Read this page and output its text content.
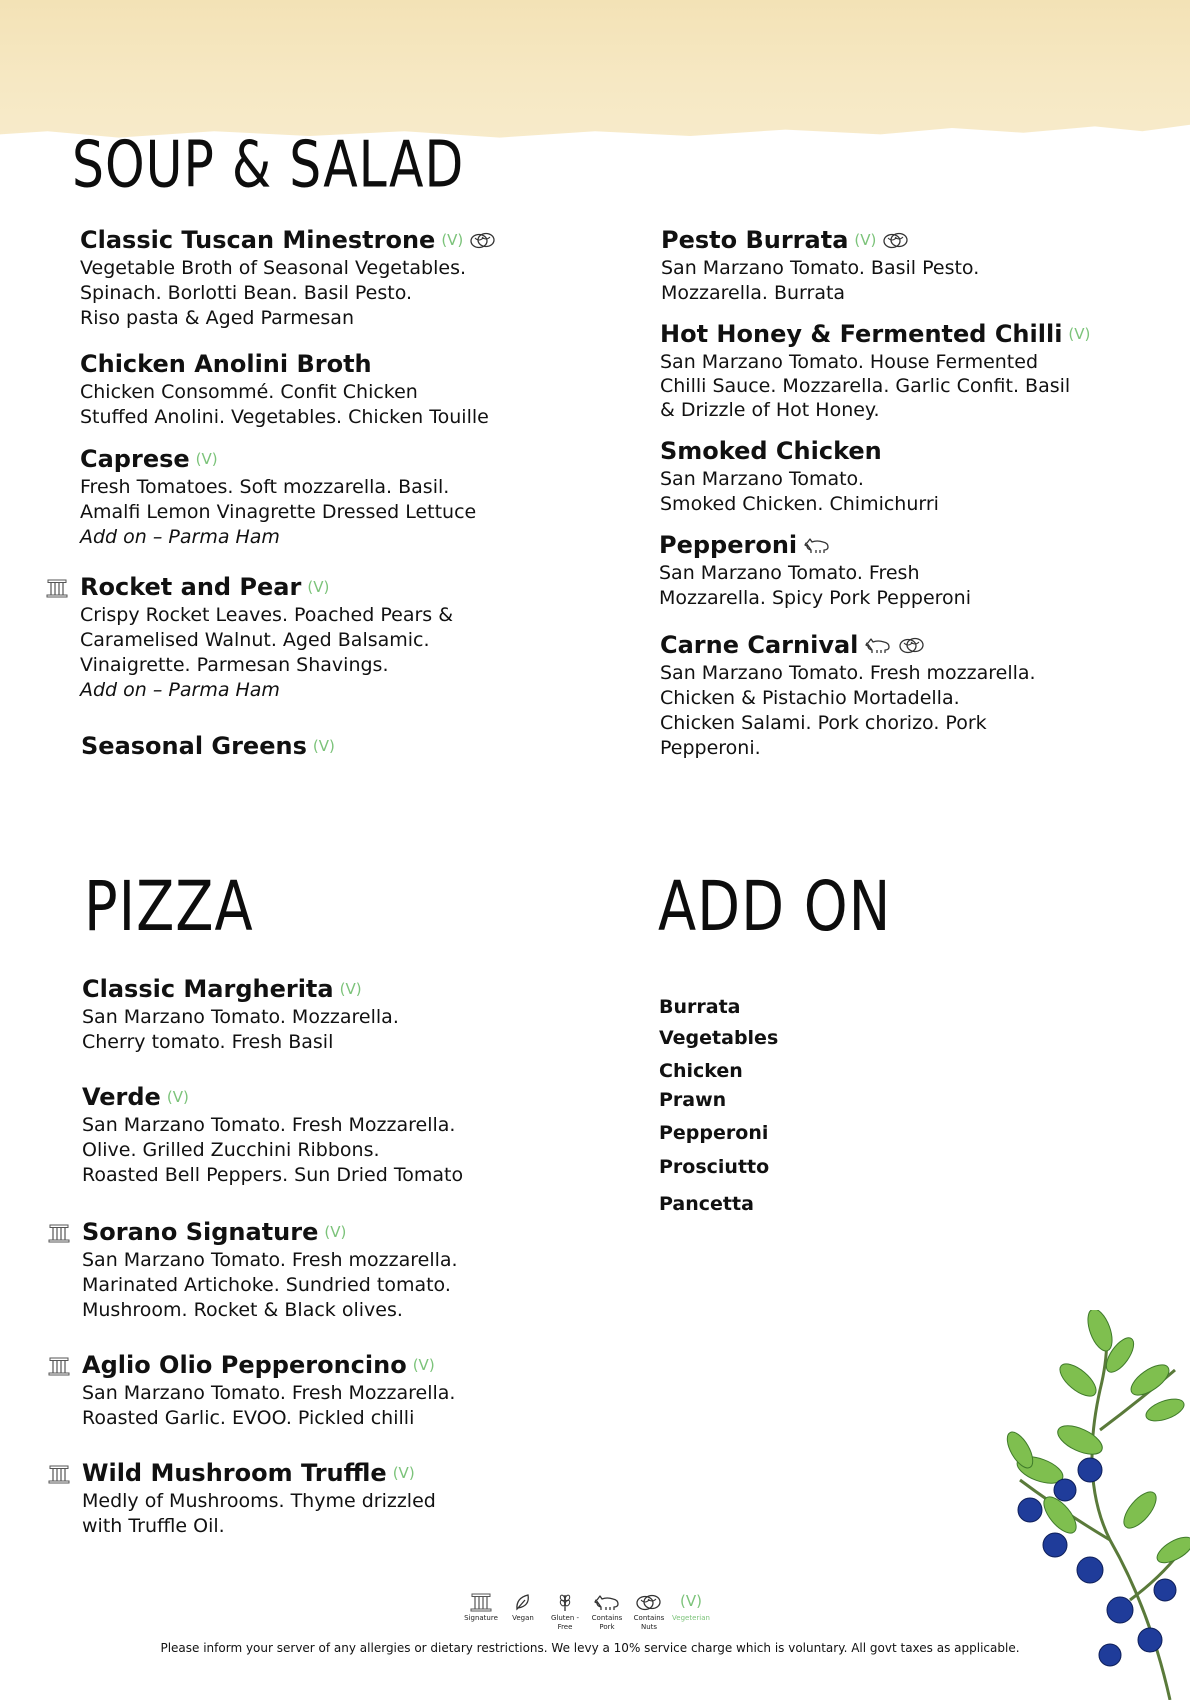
SOUP & SALAD
Classic Tuscan Minestrone (V)
Vegetable Broth of Seasonal Vegetables.
Spinach. Borlotti Bean. Basil Pesto.
Riso pasta & Aged Parmesan
Chicken Anolini Broth
Chicken Consommé. Confit Chicken
Stuffed Anolini. Vegetables. Chicken Touille
Caprese (V)
Fresh Tomatoes. Soft mozzarella. Basil.
Amalfi Lemon Vinagrette Dressed Lettuce
Add on – Parma Ham
Rocket and Pear (V)
Crispy Rocket Leaves. Poached Pears &
Caramelised Walnut. Aged Balsamic.
Vinaigrette. Parmesan Shavings.
Add on – Parma Ham
Seasonal Greens (V)
Pesto Burrata (V)
San Marzano Tomato. Basil Pesto.
Mozzarella. Burrata
Hot Honey & Fermented Chilli (V)
San Marzano Tomato. House Fermented
Chilli Sauce. Mozzarella. Garlic Confit. Basil
& Drizzle of Hot Honey.
Smoked Chicken
San Marzano Tomato.
Smoked Chicken. Chimichurri
Pepperoni
San Marzano Tomato. Fresh
Mozzarella. Spicy Pork Pepperoni
Carne Carnival
San Marzano Tomato. Fresh mozzarella.
Chicken & Pistachio Mortadella.
Chicken Salami. Pork chorizo. Pork
Pepperoni.
PIZZA
Classic Margherita (V)
San Marzano Tomato. Mozzarella.
Cherry tomato. Fresh Basil
Verde (V)
San Marzano Tomato. Fresh Mozzarella.
Olive. Grilled Zucchini Ribbons.
Roasted Bell Peppers. Sun Dried Tomato
Sorano Signature (V)
San Marzano Tomato. Fresh mozzarella.
Marinated Artichoke. Sundried tomato.
Mushroom. Rocket & Black olives.
Aglio Olio Pepperoncino (V)
San Marzano Tomato. Fresh Mozzarella.
Roasted Garlic. EVOO. Pickled chilli
Wild Mushroom Truffle (V)
Medly of Mushrooms. Thyme drizzled
with Truffle Oil.
ADD ON
Burrata
Vegetables
Chicken
Prawn
Pepperoni
Prosciutto
Pancetta
Signature Vegan	Gluten - Free
Contains Pork
Contains Nuts
(V)
Vegeterian
Please inform your server of any allergies or dietary restrictions. We levy a 10% service charge which is voluntary. All govt taxes as applicable.
